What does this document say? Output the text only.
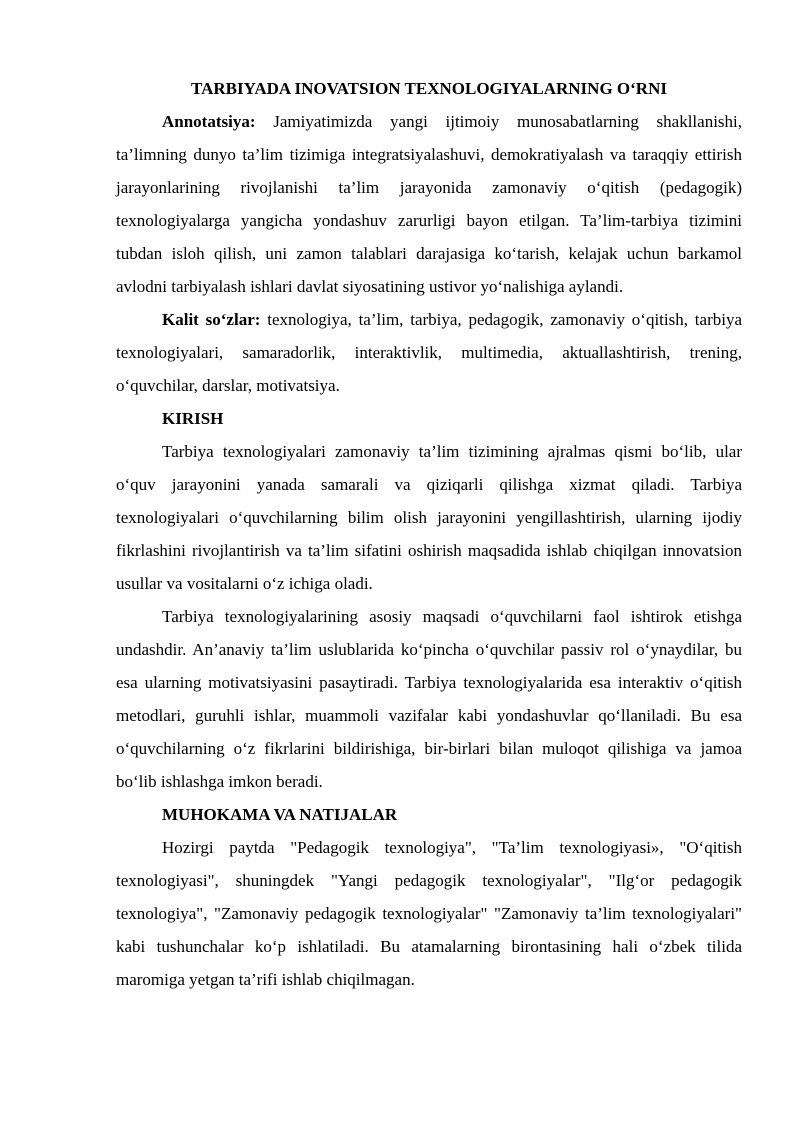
TARBIYADA INOVATSION TEXNOLOGIYALARNING O‘RNI

Annotatsiya: Jamiyatimizda yangi ijtimoiy munosabatlarning shakllanishi, ta’limning dunyo ta’lim tizimiga integratsiyalashuvi, demokratiyalash va taraqqiy ettirish jarayonlarining rivojlanishi ta’lim jarayonida zamonaviy o‘qitish (pedagogik) texnologiyalarga yangicha yondashuv zarurligi bayon etilgan. Ta’lim-tarbiya tizimini tubdan isloh qilish, uni zamon talablari darajasiga ko‘tarish, kelajak uchun barkamol avlodni tarbiyalash ishlari davlat siyosatining ustivor yo‘nalishiga aylandi.

Kalit so‘zlar: texnologiya, ta’lim, tarbiya, pedagogik, zamonaviy o‘qitish, tarbiya texnologiyalari, samaradorlik, interaktivlik, multimedia, aktuallashtirish, trening, o‘quvchilar, darslar, motivatsiya.

KIRISH

Tarbiya texnologiyalari zamonaviy ta’lim tizimining ajralmas qismi bo‘lib, ular o‘quv jarayonini yanada samarali va qiziqarli qilishga xizmat qiladi. Tarbiya texnologiyalari o‘quvchilarning bilim olish jarayonini yengillashtirish, ularning ijodiy fikrlashini rivojlantirish va ta’lim sifatini oshirish maqsadida ishlab chiqilgan innovatsion usullar va vositalarni o‘z ichiga oladi.

Tarbiya texnologiyalarining asosiy maqsadi o‘quvchilarni faol ishtirok etishga undashdir. An’anaviy ta’lim uslublarida ko‘pincha o‘quvchilar passiv rol o‘ynaydilar, bu esa ularning motivatsiyasini pasaytiradi. Tarbiya texnologiyalarida esa interaktiv o‘qitish metodlari, guruhli ishlar, muammoli vazifalar kabi yondashuvlar qo‘llaniladi. Bu esa o‘quvchilarning o‘z fikrlarini bildirishiga, bir-birlari bilan muloqot qilishiga va jamoa bo‘lib ishlashga imkon beradi.

MUHOKAMA VA NATIJALAR

Hozirgi paytda "Pedagogik texnologiya", "Ta’lim texnologiyasi», "O‘qitish texnologiyasi", shuningdek "Yangi pedagogik texnologiyalar", "Ilg‘or pedagogik texnologiya", "Zamonaviy pedagogik texnologiyalar" "Zamonaviy ta’lim texnologiyalari" kabi tushunchalar ko‘p ishlatiladi. Bu atamalarning birontasining hali o‘zbek tilida maromiga yetgan ta’rifi ishlab chiqilmagan.
